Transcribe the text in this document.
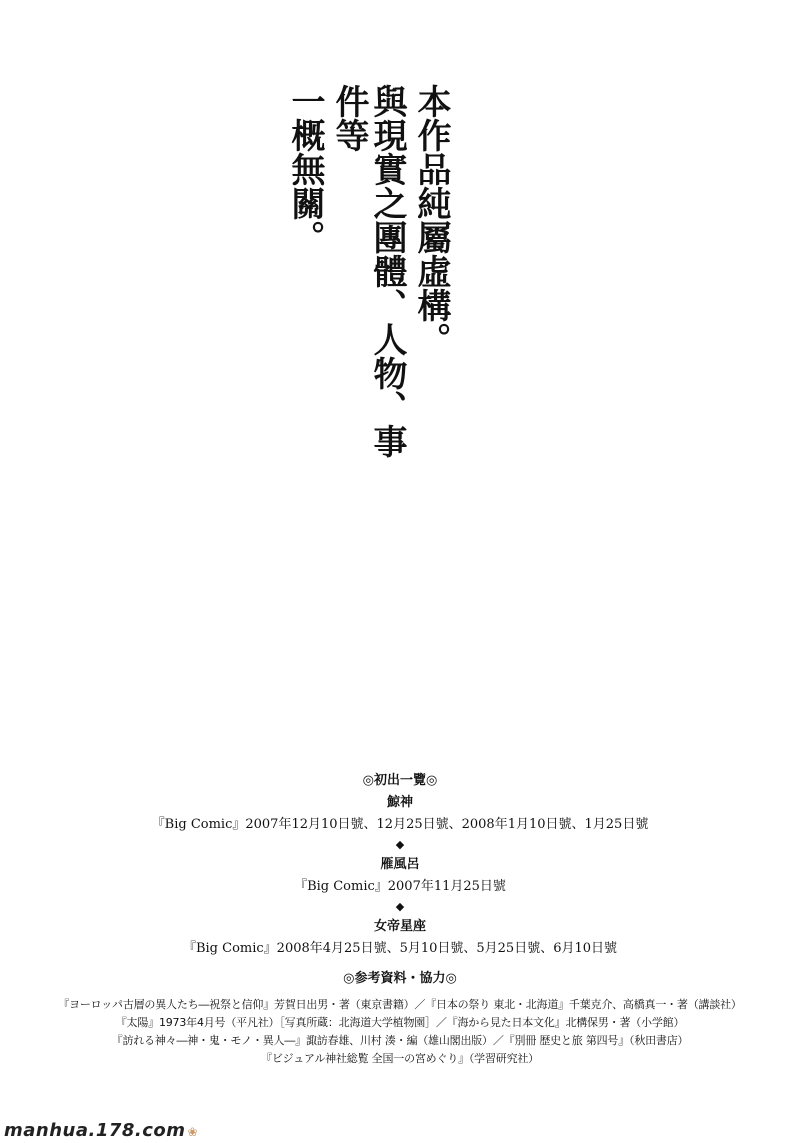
本作品純屬虛構。
與現實之團體、人物、事件等
一概無關。

◎初出一覽◎

鯨神

『Big Comic』2007年12月10日號、12月25日號、2008年1月10日號、1月25日號

◆

雁風呂

『Big Comic』2007年11月25日號

◆

女帝星座

『Big Comic』2008年4月25日號、5月10日號、5月25日號、6月10日號

◎参考資料・協力◎

『ヨーロッパ古層の異人たち―祝祭と信仰』芳賀日出男・著（東京書籍）／『日本の祭り 東北・北海道』千葉克介、高橋真一・著（講談社）

『太陽』1973年4月号（平凡社）［写真所蔵：北海道大学植物園］／『海から見た日本文化』北構保男・著（小学館）

『訪れる神々―神・鬼・モノ・異人―』諏訪春雄、川村 湊・編（雄山閣出版）／『別冊 歴史と旅 第四号』（秋田書店）

『ビジュアル神社総覧 全国一の宮めぐり』（学習研究社）

manhua.178.com ❀
